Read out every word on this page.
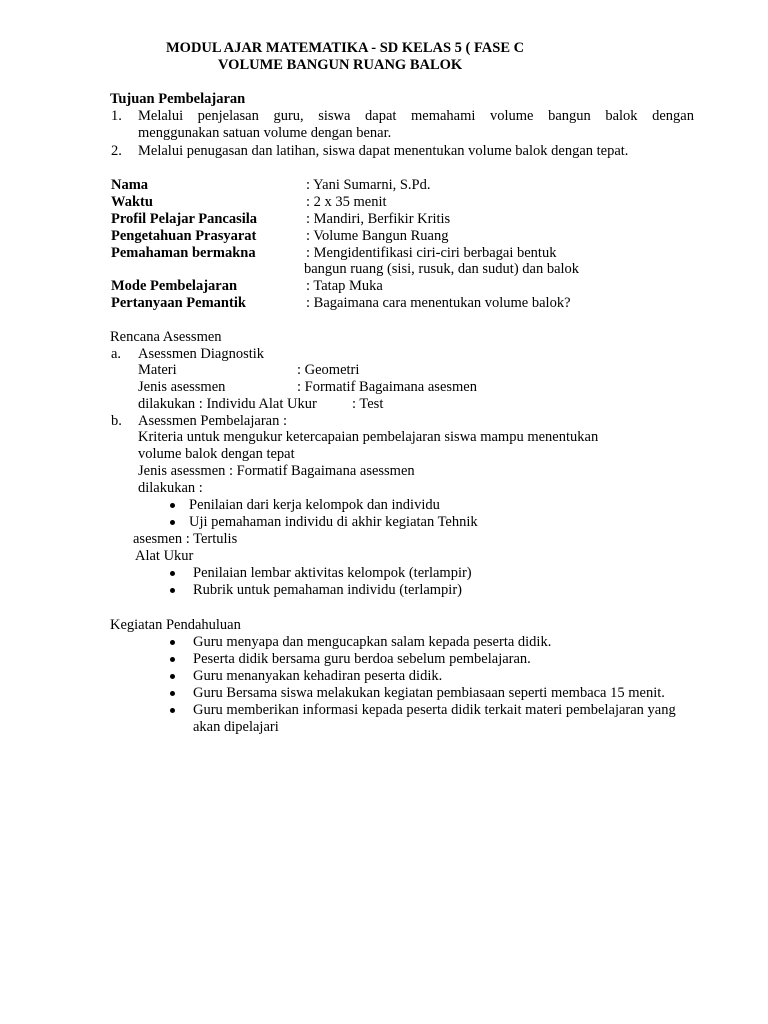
MODUL AJAR MATEMATIKA - SD KELAS 5 ( FASE C
VOLUME BANGUN RUANG BALOK
Tujuan Pembelajaran
1. Melalui penjelasan guru, siswa dapat memahami volume bangun balok dengan
menggunakan satuan volume dengan benar.
2. Melalui penugasan dan latihan, siswa dapat menentukan volume balok dengan tepat.
Nama	: Yani Sumarni, S.Pd.
Waktu	: 2 x 35 menit
Profil Pelajar Pancasila	: Mandiri, Berfikir Kritis
Pengetahuan Prasyarat	: Volume Bangun Ruang
Pemahaman bermakna	: Mengidentifikasi ciri-ciri berbagai bentuk
bangun ruang (sisi, rusuk, dan sudut) dan balok
Mode Pembelajaran	: Tatap Muka
Pertanyaan Pemantik	: Bagaimana cara menentukan volume balok?
Rencana Asessmen
a. Asessmen Diagnostik
Materi	: Geometri
Jenis asessmen	: Formatif Bagaimana asesmen
dilakukan : Individu Alat Ukur : Test
b. Asessmen Pembelajaran :
Kriteria untuk mengukur ketercapaian pembelajaran siswa mampu menentukan
volume balok dengan tepat
Jenis asessmen : Formatif Bagaimana asessmen
dilakukan :
Penilaian dari kerja kelompok dan individu
Uji pemahaman individu di akhir kegiatan Tehnik
asesmen : Tertulis
Alat Ukur
Penilaian lembar aktivitas kelompok (terlampir)
Rubrik untuk pemahaman individu (terlampir)
Kegiatan Pendahuluan
Guru menyapa dan mengucapkan salam kepada peserta didik.
Peserta didik bersama guru berdoa sebelum pembelajaran.
Guru menanyakan kehadiran peserta didik.
Guru Bersama siswa melakukan kegiatan pembiasaan seperti membaca 15 menit.
Guru memberikan informasi kepada peserta didik terkait materi pembelajaran yang
akan dipelajari
